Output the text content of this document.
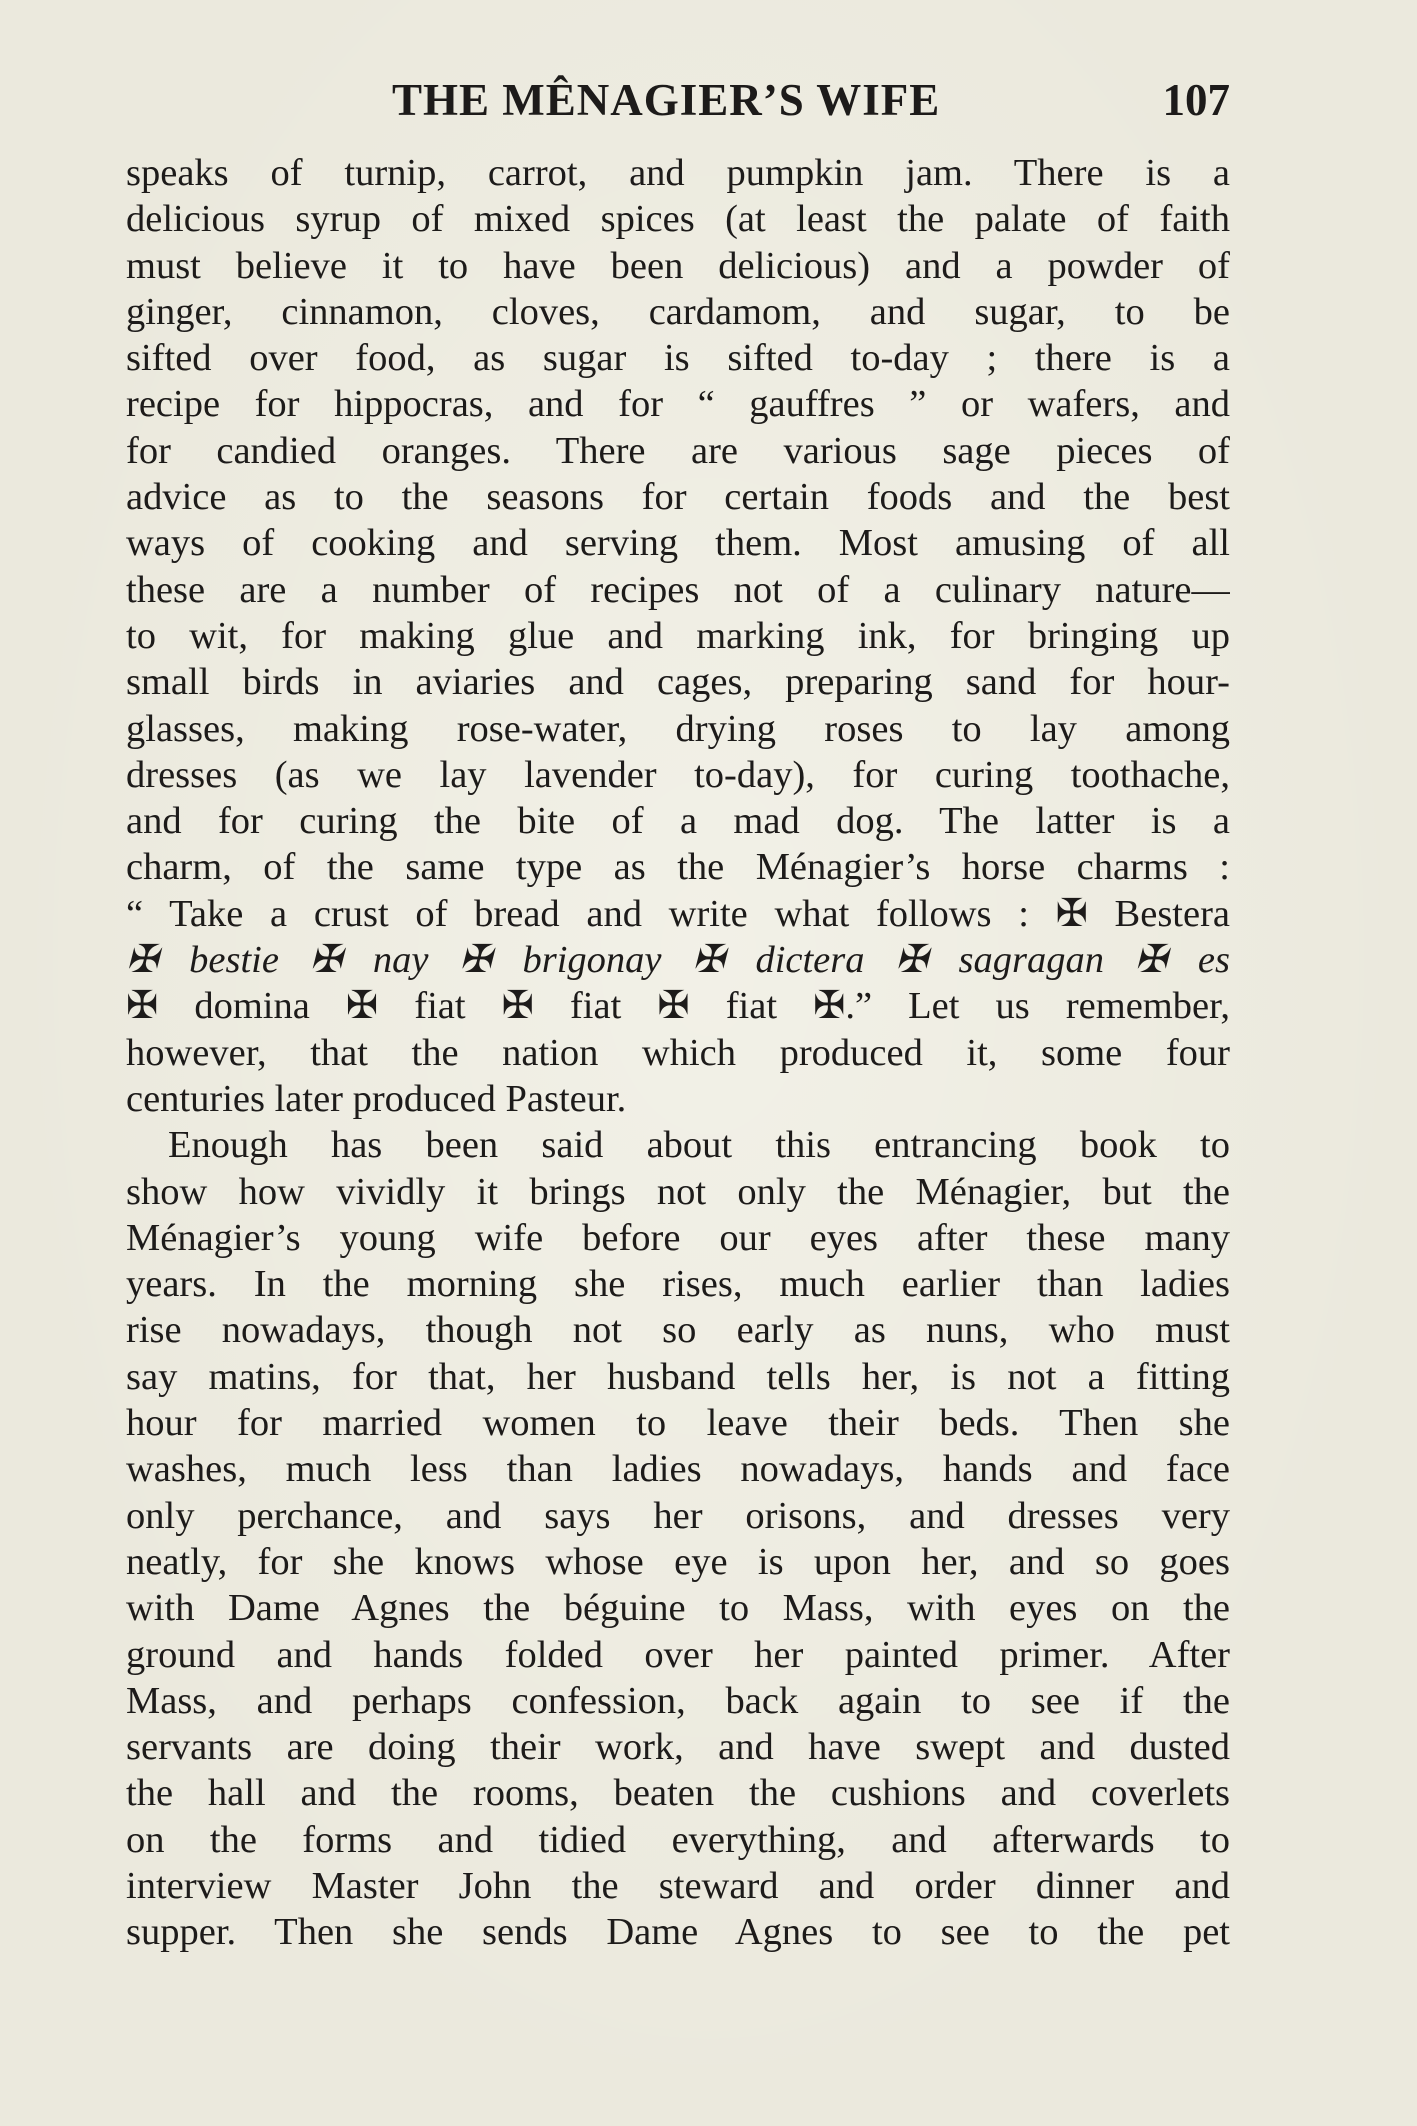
THE MÊNAGIER’S WIFE	107
speaks of turnip, carrot, and pumpkin jam. There is a
delicious syrup of mixed spices (at least the palate of faith
must believe it to have been delicious) and a powder of
ginger, cinnamon, cloves, cardamom, and sugar, to be
sifted over food, as sugar is sifted to-day ; there is a
recipe for hippocras, and for “ gauffres ” or wafers, and
for candied oranges. There are various sage pieces of
advice as to the seasons for certain foods and the best
ways of cooking and serving them. Most amusing of all
these are a number of recipes not of a culinary nature—
to wit, for making glue and marking ink, for bringing up
small birds in aviaries and cages, preparing sand for hour-
glasses, making rose-water, drying roses to lay among
dresses (as we lay lavender to-day), for curing toothache,
and for curing the bite of a mad dog. The latter is a
charm, of the same type as the Ménagier’s horse charms :
“ Take a crust of bread and write what follows : ✠ Bestera
✠ bestie ✠ nay ✠ brigonay ✠ dictera ✠ sagragan ✠ es
✠ domina ✠ fiat ✠ fiat ✠ fiat ✠.” Let us remember,
however, that the nation which produced it, some four
centuries later produced Pasteur.
Enough has been said about this entrancing book to
show how vividly it brings not only the Ménagier, but the
Ménagier’s young wife before our eyes after these many
years. In the morning she rises, much earlier than ladies
rise nowadays, though not so early as nuns, who must
say matins, for that, her husband tells her, is not a fitting
hour for married women to leave their beds. Then she
washes, much less than ladies nowadays, hands and face
only perchance, and says her orisons, and dresses very
neatly, for she knows whose eye is upon her, and so goes
with Dame Agnes the béguine to Mass, with eyes on the
ground and hands folded over her painted primer. After
Mass, and perhaps confession, back again to see if the
servants are doing their work, and have swept and dusted
the hall and the rooms, beaten the cushions and coverlets
on the forms and tidied everything, and afterwards to
interview Master John the steward and order dinner and
supper. Then she sends Dame Agnes to see to the pet
